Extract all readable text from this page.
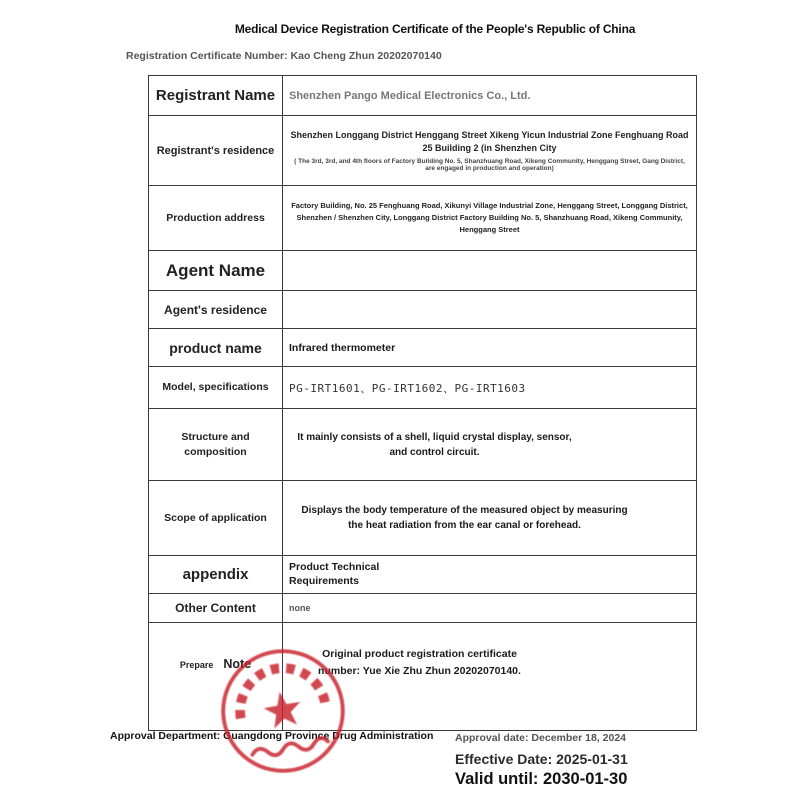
Medical Device Registration Certificate of the People's Republic of China
Registration Certificate Number: Kao Cheng Zhun 20202070140
Registrant Name	Shenzhen Pango Medical Electronics Co., Ltd.
Registrant's residence	Shenzhen Longgang District Henggang Street Xikeng Yicun Industrial Zone Fenghuang Road 25 Building 2 (in Shenzhen City
( The 3rd, 3rd, and 4th floors of Factory Building No. 5, Shanzhuang Road, Xikeng Community, Henggang Street, Gang District, are engaged in production and operation)

Production address	Factory Building, No. 25 Fenghuang Road, Xikunyi Village Industrial Zone, Henggang Street, Longgang District, Shenzhen / Shenzhen City, Longgang District Factory Building No. 5, Shanzhuang Road, Xikeng Community, Henggang Street
Agent Name	
Agent's residence	
product name	Infrared thermometer
Model, specifications	PG-IRT1601、PG-IRT1602、PG-IRT1603
Structure and composition	It mainly consists of a shell, liquid crystal display, sensor, and control circuit.
Scope of application	Displays the body temperature of the measured object by measuring the heat radiation from the ear canal or forehead.
appendix	Product Technical Requirements
Other Content	none
Prepare Note	Original product registration certificate number: Yue Xie Zhu Zhun 20202070140.
Approval Department: Guangdong Province Drug Administration Approval date: December 18, 2024
Effective Date: 2025-01-31
Valid until: 2030-01-30
